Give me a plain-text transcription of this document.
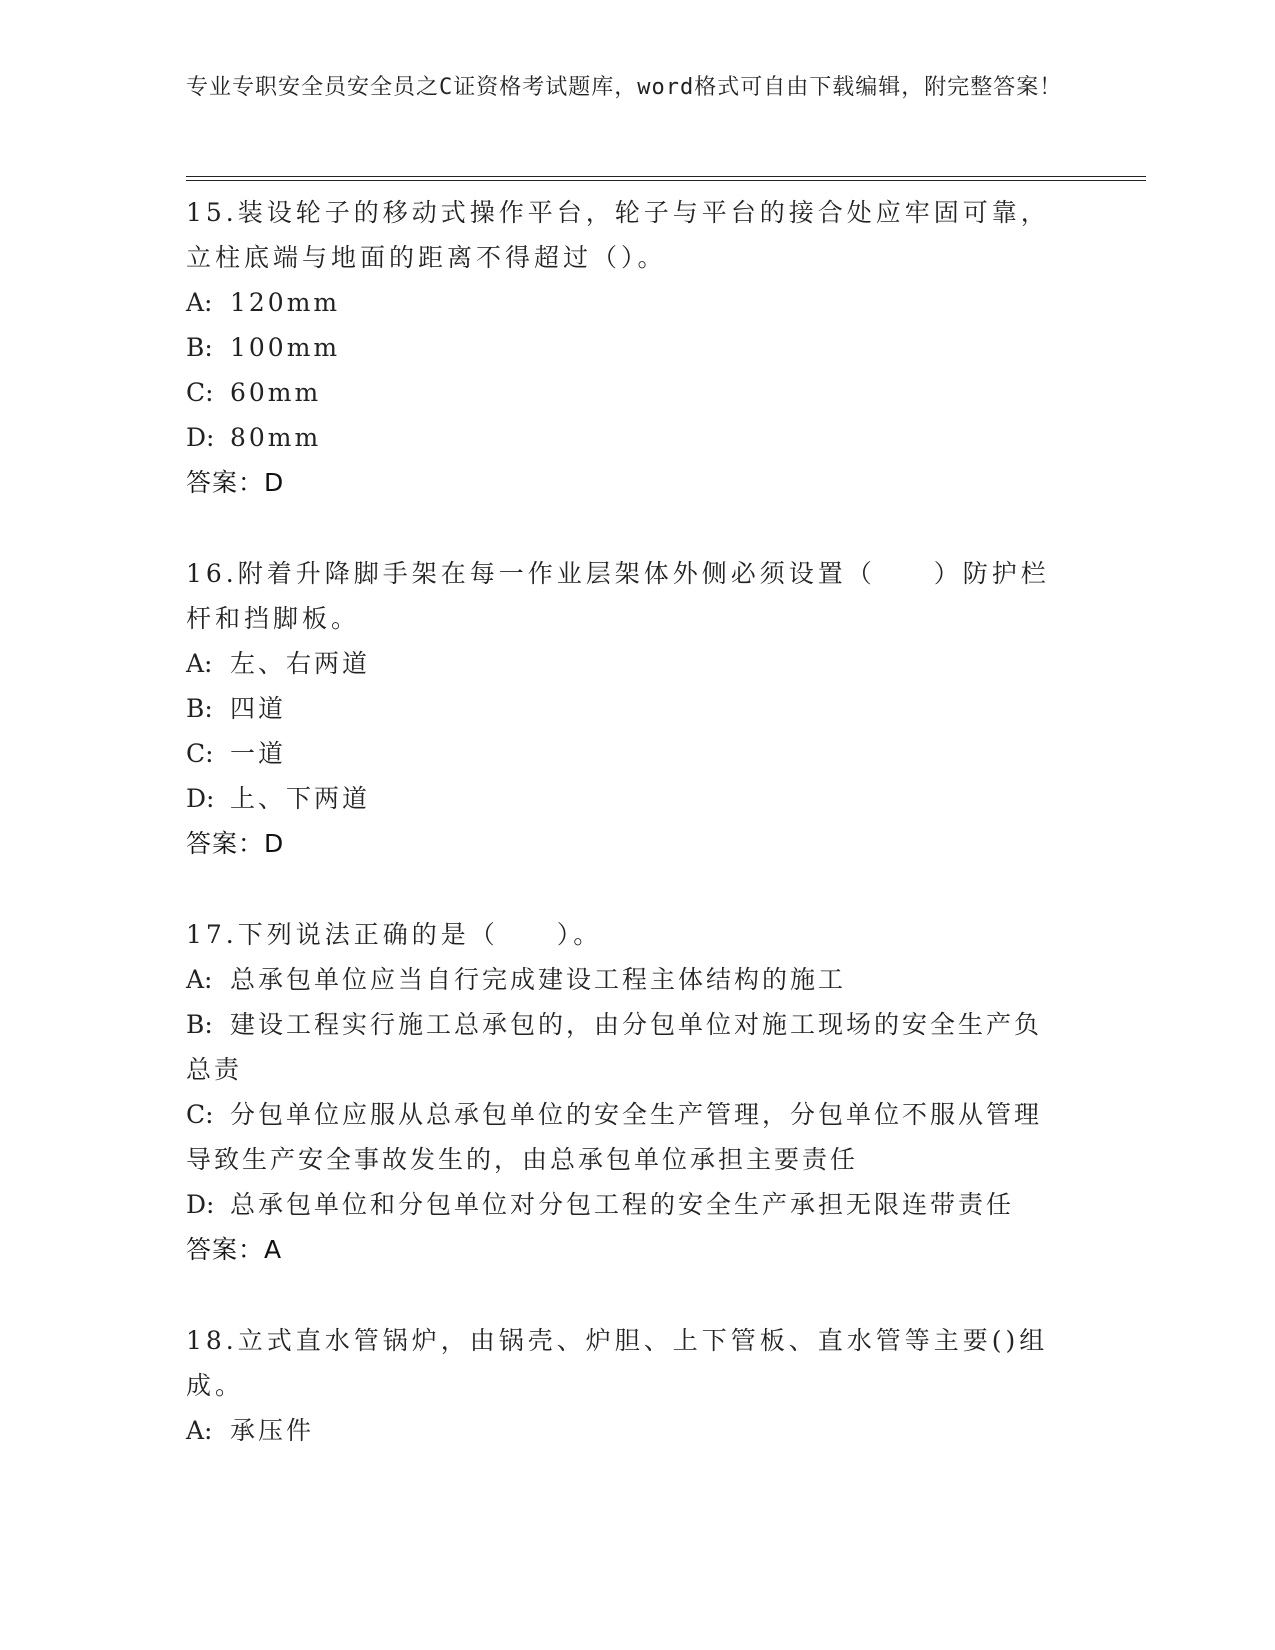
专业专职安全员安全员之C证资格考试题库，word格式可自由下载编辑，附完整答案！

15.装设轮子的移动式操作平台，轮子与平台的接合处应牢固可靠，立柱底端与地面的距离不得超过（）。

A: 120mm
B: 100mm
C: 60mm
D: 80mm
答案：D

16.附着升降脚手架在每一作业层架体外侧必须设置（　　）防护栏杆和挡脚板。

A: 左、右两道
B: 四道
C: 一道
D: 上、下两道
答案：D

17.下列说法正确的是（　　）。

A: 总承包单位应当自行完成建设工程主体结构的施工
B: 建设工程实行施工总承包的，由分包单位对施工现场的安全生产负总责
C: 分包单位应服从总承包单位的安全生产管理，分包单位不服从管理导致生产安全事故发生的，由总承包单位承担主要责任
D: 总承包单位和分包单位对分包工程的安全生产承担无限连带责任
答案：A

18.立式直水管锅炉，由锅壳、炉胆、上下管板、直水管等主要()组成。

A: 承压件
